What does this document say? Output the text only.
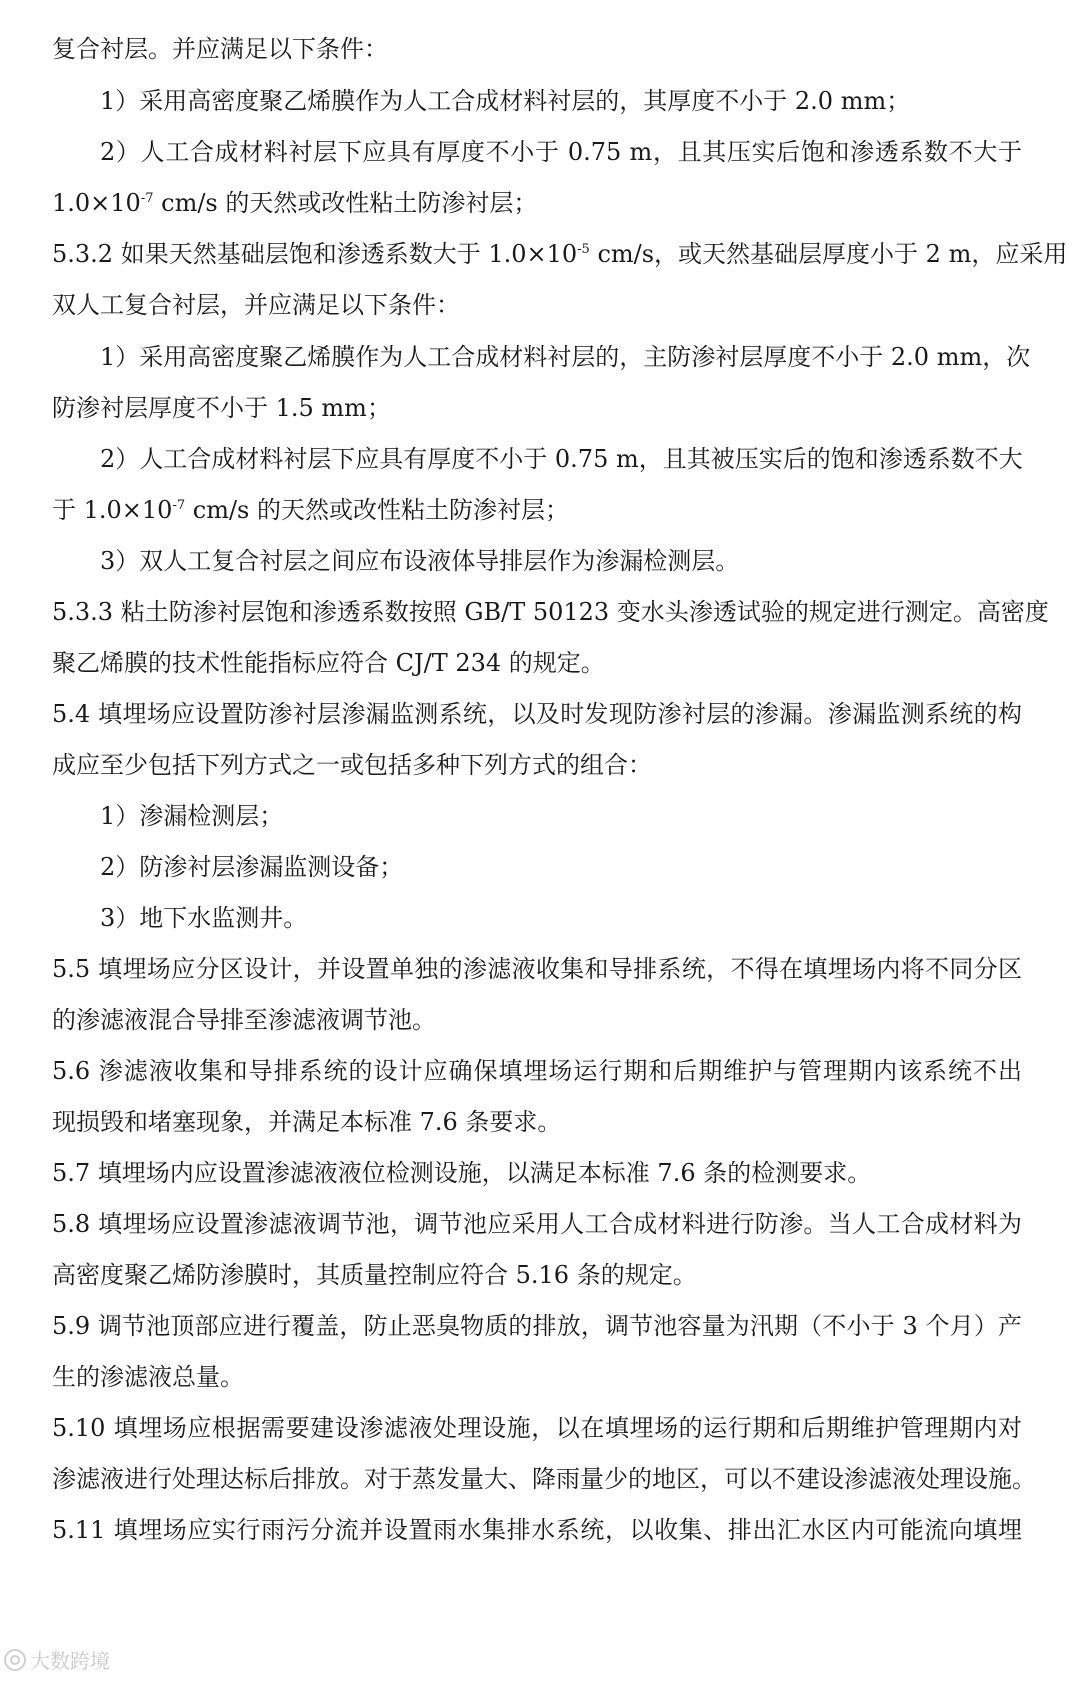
复合衬层。并应满足以下条件：
1）采用高密度聚乙烯膜作为人工合成材料衬层的，其厚度不小于 2.0 mm；
2）人工合成材料衬层下应具有厚度不小于 0.75 m，且其压实后饱和渗透系数不大于
$1.0\times 10^{-7}$ cm/s 的天然或改性粘土防渗衬层；
5.3.2 如果天然基础层饱和渗透系数大于 $1.0\times 10^{-5}$ cm/s，或天然基础层厚度小于 2 m，应采用
双人工复合衬层，并应满足以下条件：
1）采用高密度聚乙烯膜作为人工合成材料衬层的，主防渗衬层厚度不小于 2.0 mm，次
防渗衬层厚度不小于 1.5 mm；
2）人工合成材料衬层下应具有厚度不小于 0.75 m，且其被压实后的饱和渗透系数不大
于 $1.0\times 10^{-7}$ cm/s 的天然或改性粘土防渗衬层；
3）双人工复合衬层之间应布设液体导排层作为渗漏检测层。
5.3.3 粘土防渗衬层饱和渗透系数按照 GB/T 50123 变水头渗透试验的规定进行测定。高密度
聚乙烯膜的技术性能指标应符合 CJ/T 234 的规定。
5.4 填埋场应设置防渗衬层渗漏监测系统，以及时发现防渗衬层的渗漏。渗漏监测系统的构
成应至少包括下列方式之一或包括多种下列方式的组合：
1）渗漏检测层；
2）防渗衬层渗漏监测设备；
3）地下水监测井。
5.5 填埋场应分区设计，并设置单独的渗滤液收集和导排系统，不得在填埋场内将不同分区
的渗滤液混合导排至渗滤液调节池。
5.6 渗滤液收集和导排系统的设计应确保填埋场运行期和后期维护与管理期内该系统不出
现损毁和堵塞现象，并满足本标准 7.6 条要求。
5.7 填埋场内应设置渗滤液液位检测设施，以满足本标准 7.6 条的检测要求。
5.8 填埋场应设置渗滤液调节池，调节池应采用人工合成材料进行防渗。当人工合成材料为
高密度聚乙烯防渗膜时，其质量控制应符合 5.16 条的规定。
5.9 调节池顶部应进行覆盖，防止恶臭物质的排放，调节池容量为汛期（不小于 3 个月）产
生的渗滤液总量。
5.10 填埋场应根据需要建设渗滤液处理设施，以在填埋场的运行期和后期维护管理期内对
渗滤液进行处理达标后排放。对于蒸发量大、降雨量少的地区，可以不建设渗滤液处理设施。
5.11 填埋场应实行雨污分流并设置雨水集排水系统，以收集、排出汇水区内可能流向填埋
大数跨境
